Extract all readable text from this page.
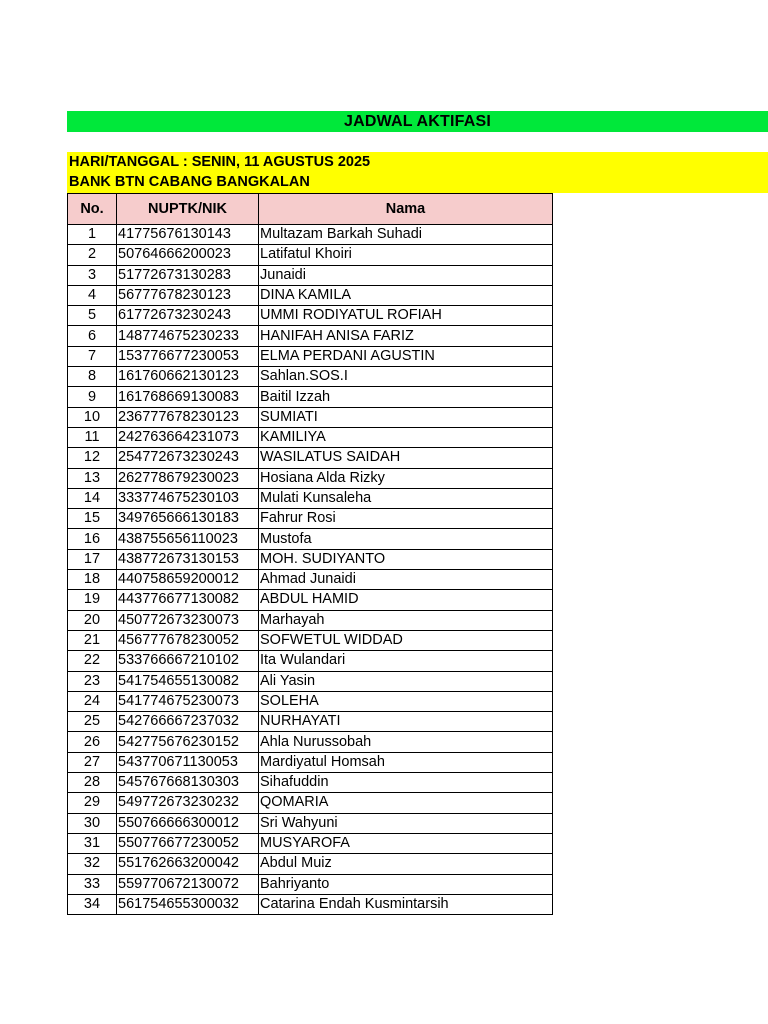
JADWAL AKTIFASI
HARI/TANGGAL : SENIN, 11 AGUSTUS 2025
BANK BTN CABANG BANGKALAN
No.	NUPTK/NIK	Nama
1	41775676130143	Multazam Barkah Suhadi
2	50764666200023	Latifatul Khoiri
3	51772673130283	Junaidi
4	56777678230123	DINA KAMILA
5	61772673230243	UMMI RODIYATUL ROFIAH
6	148774675230233	HANIFAH ANISA FARIZ
7	153776677230053	ELMA PERDANI AGUSTIN
8	161760662130123	Sahlan.SOS.I
9	161768669130083	Baitil Izzah
10	236777678230123	SUMIATI
11	242763664231073	KAMILIYA
12	254772673230243	WASILATUS SAIDAH
13	262778679230023	Hosiana Alda Rizky
14	333774675230103	Mulati Kunsaleha
15	349765666130183	Fahrur Rosi
16	438755656110023	Mustofa
17	438772673130153	MOH. SUDIYANTO
18	440758659200012	Ahmad Junaidi
19	443776677130082	ABDUL HAMID
20	450772673230073	Marhayah
21	456777678230052	SOFWETUL WIDDAD
22	533766667210102	Ita Wulandari
23	541754655130082	Ali Yasin
24	541774675230073	SOLEHA
25	542766667237032	NURHAYATI
26	542775676230152	Ahla Nurussobah
27	543770671130053	Mardiyatul Homsah
28	545767668130303	Sihafuddin
29	549772673230232	QOMARIA
30	550766666300012	Sri Wahyuni
31	550776677230052	MUSYAROFA
32	551762663200042	Abdul Muiz
33	559770672130072	Bahriyanto
34	561754655300032	Catarina Endah Kusmintarsih
